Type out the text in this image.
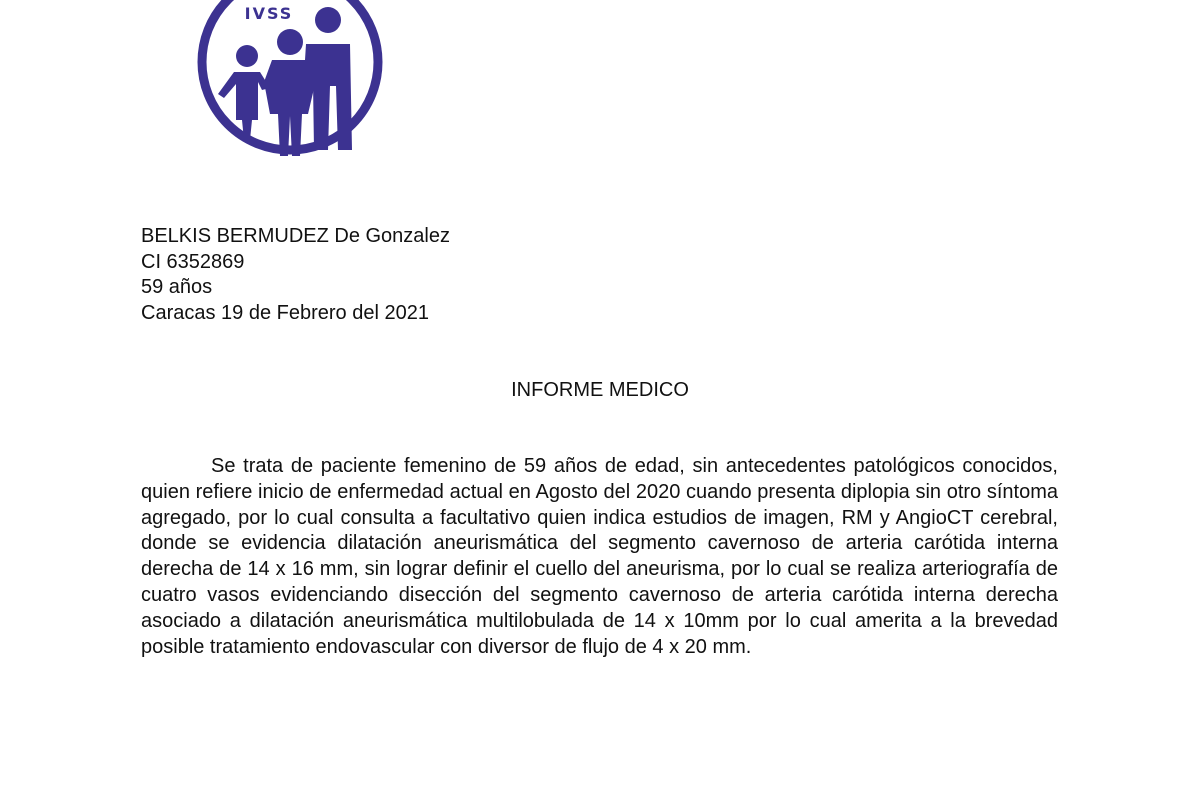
IVSS
BELKIS BERMUDEZ De Gonzalez
CI 6352869
59 años
Caracas 19 de Febrero del 2021
INFORME MEDICO

Se trata de paciente femenino de 59 años de edad, sin antecedentes patológicos conocidos, quien refiere inicio de enfermedad actual en Agosto del 2020 cuando presenta diplopia sin otro síntoma agregado, por lo cual consulta a facultativo quien indica estudios de imagen, RM y AngioCT cerebral, donde se evidencia dilatación aneurismática del segmento cavernoso de arteria carótida interna derecha de 14 x 16 mm, sin lograr definir el cuello del aneurisma, por lo cual se realiza arteriografía de cuatro vasos evidenciando disección del segmento cavernoso de arteria carótida interna derecha asociado a dilatación aneurismática multilobulada de 14 x 10mm por lo cual amerita a la brevedad posible tratamiento endovascular con diversor de flujo de 4 x 20 mm.
